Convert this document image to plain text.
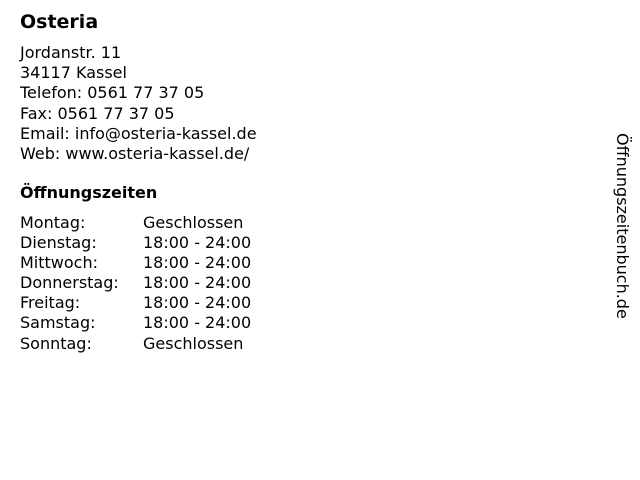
Osteria
Jordanstr. 11
34117 Kassel
Telefon: 0561 77 37 05
Fax: 0561 77 37 05
Email: info@osteria-kassel.de
Web: www.osteria-kassel.de/
Öffnungszeiten
Montag:	Geschlossen
Dienstag:	18:00 - 24:00
Mittwoch:	18:00 - 24:00
Donnerstag: 18:00 - 24:00
Freitag:	18:00 - 24:00
Samstag:	18:00 - 24:00
Sonntag:	Geschlossen
Öffnungszeitenbuch.de
